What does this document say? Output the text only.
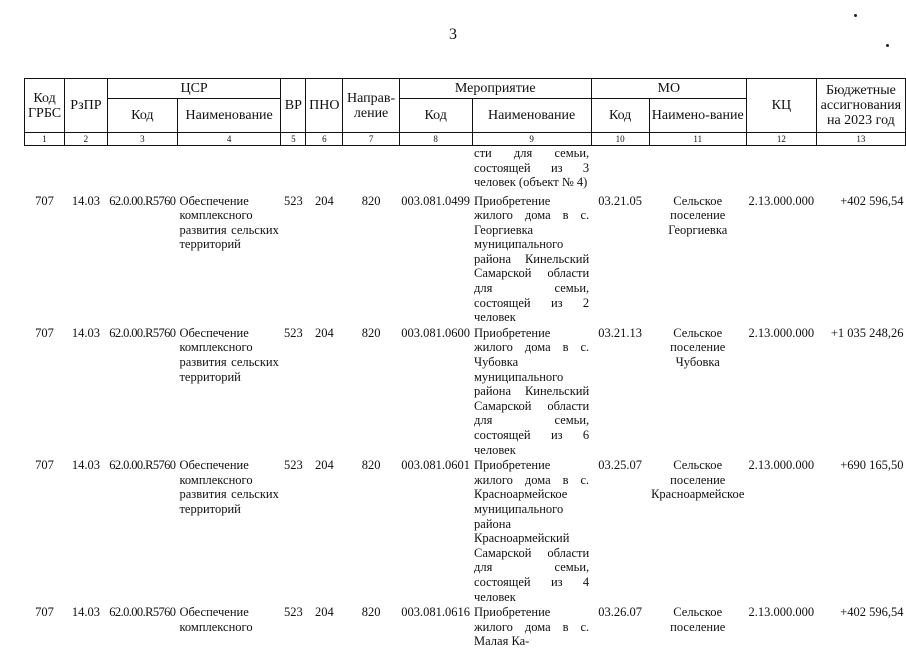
3
Код ГРБС	РзПР	ЦСР		ВР	ПНО	Направ-ление	Мероприятие		МО		КЦ	Бюджетные ассигнования на 2023 год
		Код	Наименование				Код	Наименование	Код	Наимено-вание		
1	2	3	4	5	6	7	8	9	10	11	12	13
								сти для семьи, состоящей из 3 человек (объект № 4)				
707	14.03	62.0.00.R5760	Обеспечение комплексного развития сельских территорий	523	204	820	003.081.0499	Приобретение жилого дома в с. Георгиевка муниципального района Кинельский Самарской области для семьи, состоящей из 2 человек	03.21.05	Сельское поселение Георгиевка	2.13.000.000	+402 596,54
707	14.03	62.0.00.R5760	Обеспечение комплексного развития сельских территорий	523	204	820	003.081.0600	Приобретение жилого дома в с. Чубовка муниципального района Кинельский Самарской области для семьи, состоящей из 6 человек	03.21.13	Сельское поселение Чубовка	2.13.000.000	+1 035 248,26
707	14.03	62.0.00.R5760	Обеспечение комплексного развития сельских территорий	523	204	820	003.081.0601	Приобретение жилого дома в с. Красноармейское муниципального района Красноармейский Самарской области для семьи, состоящей из 4 человек	03.25.07	Сельское поселение Красноармейское	2.13.000.000	+690 165,50
707	14.03	62.0.00.R5760	Обеспечение комплексного	523	204	820	003.081.0616	Приобретение жилого дома в с. Малая Ка-	03.26.07	Сельское поселение	2.13.000.000	+402 596,54
